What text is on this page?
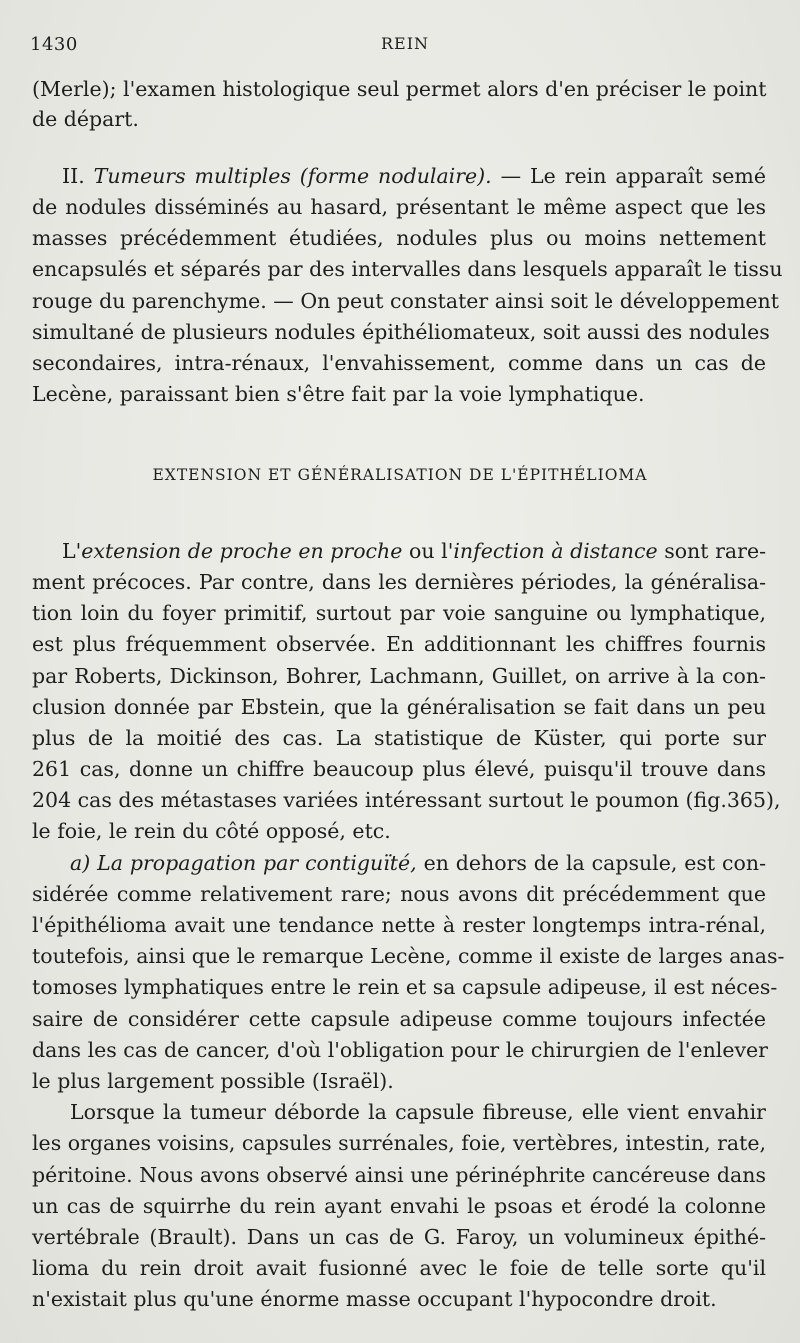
1430	REIN
(Merle); l'examen histologique seul permet alors d'en préciser le point
de départ.
II. Tumeurs multiples (forme nodulaire). — Le rein apparaît semé
de nodules disséminés au hasard, présentant le même aspect que les
masses précédemment étudiées, nodules plus ou moins nettement
encapsulés et séparés par des intervalles dans lesquels apparaît le tissu
rouge du parenchyme. — On peut constater ainsi soit le développement
simultané de plusieurs nodules épithéliomateux, soit aussi des nodules
secondaires, intra-rénaux, l'envahissement, comme dans un cas de
Lecène, paraissant bien s'être fait par la voie lymphatique.
EXTENSION ET GÉNÉRALISATION DE L'ÉPITHÉLIOMA
L'extension de proche en proche ou l'infection à distance sont rare-
ment précoces. Par contre, dans les dernières périodes, la généralisa-
tion loin du foyer primitif, surtout par voie sanguine ou lymphatique,
est plus fréquemment observée. En additionnant les chiffres fournis
par Roberts, Dickinson, Bohrer, Lachmann, Guillet, on arrive à la con-
clusion donnée par Ebstein, que la généralisation se fait dans un peu
plus de la moitié des cas. La statistique de Küster, qui porte sur
261 cas, donne un chiffre beaucoup plus élevé, puisqu'il trouve dans
204 cas des métastases variées intéressant surtout le poumon (fig.365),
le foie, le rein du côté opposé, etc.
a) La propagation par contiguïté, en dehors de la capsule, est con-
sidérée comme relativement rare; nous avons dit précédemment que
l'épithélioma avait une tendance nette à rester longtemps intra-rénal,
toutefois, ainsi que le remarque Lecène, comme il existe de larges anas-
tomoses lymphatiques entre le rein et sa capsule adipeuse, il est néces-
saire de considérer cette capsule adipeuse comme toujours infectée
dans les cas de cancer, d'où l'obligation pour le chirurgien de l'enlever
le plus largement possible (Israël).
Lorsque la tumeur déborde la capsule fibreuse, elle vient envahir
les organes voisins, capsules surrénales, foie, vertèbres, intestin, rate,
péritoine. Nous avons observé ainsi une périnéphrite cancéreuse dans
un cas de squirrhe du rein ayant envahi le psoas et érodé la colonne
vertébrale (Brault). Dans un cas de G. Faroy, un volumineux épithé-
lioma du rein droit avait fusionné avec le foie de telle sorte qu'il
n'existait plus qu'une énorme masse occupant l'hypocondre droit.
